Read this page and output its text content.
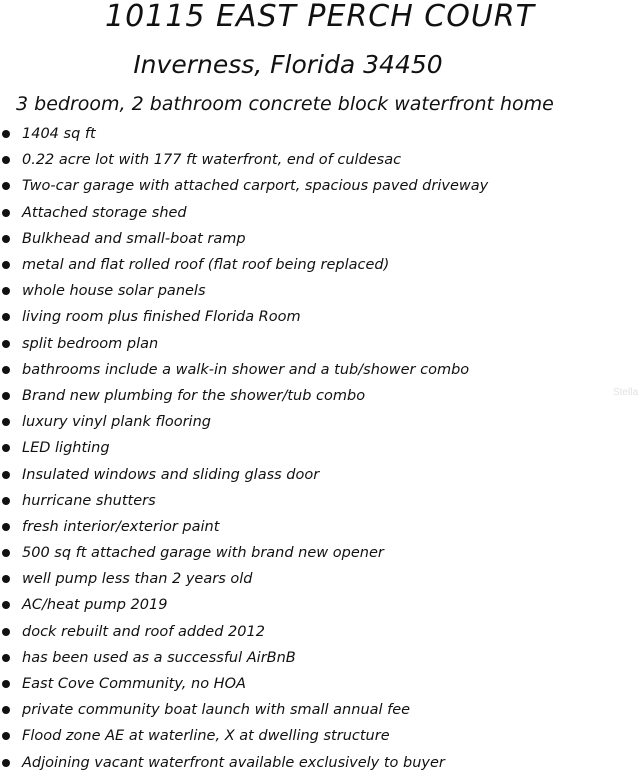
10115 EAST PERCH COURT
Inverness, Florida 34450
3 bedroom, 2 bathroom concrete block waterfront home
1404 sq ft
0.22 acre lot with 177 ft waterfront, end of culdesac
Two-car garage with attached carport, spacious paved driveway
Attached storage shed
Bulkhead and small-boat ramp
metal and flat rolled roof (flat roof being replaced)
whole house solar panels
living room plus finished Florida Room
split bedroom plan
bathrooms include a walk-in shower and a tub/shower combo
Brand new plumbing for the shower/tub combo
luxury vinyl plank flooring
LED lighting
Insulated windows and sliding glass door
hurricane shutters
fresh interior/exterior paint
500 sq ft attached garage with brand new opener
well pump less than 2 years old
AC/heat pump 2019
dock rebuilt and roof added 2012
has been used as a successful AirBnB
East Cove Community, no HOA
private community boat launch with small annual fee
Flood zone AE at waterline, X at dwelling structure
Adjoining vacant waterfront available exclusively to buyer
Stella
